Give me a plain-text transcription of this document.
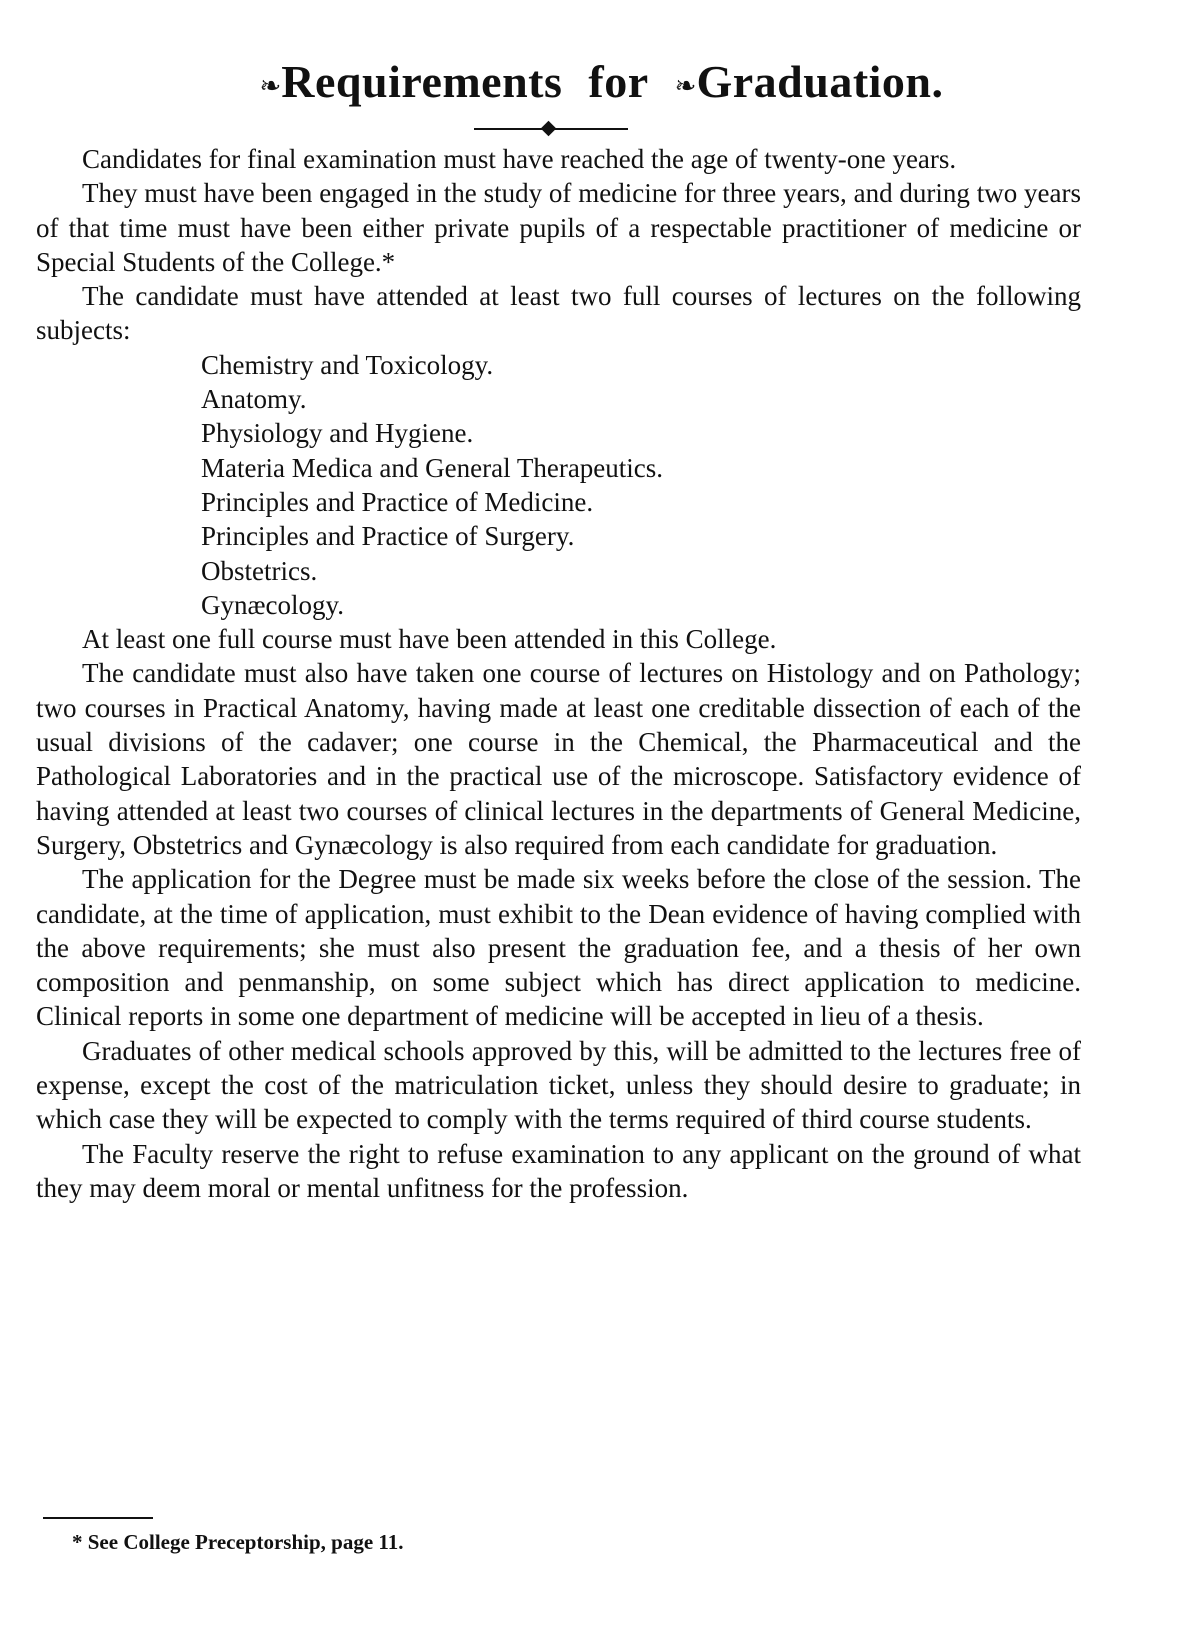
❧Requirements for ❧Graduation.

Candidates for final examination must have reached the age of twenty-one years.

They must have been engaged in the study of medicine for three years, and during two years of that time must have been either private pupils of a respectable practitioner of medicine or Special Students of the College.*

The candidate must have attended at least two full courses of lectures on the following subjects:

Chemistry and Toxicology.
Anatomy.
Physiology and Hygiene.
Materia Medica and General Therapeutics.
Principles and Practice of Medicine.
Principles and Practice of Surgery.
Obstetrics.
Gynæcology.

At least one full course must have been attended in this College.

The candidate must also have taken one course of lectures on Histology and on Pathology; two courses in Practical Anatomy, having made at least one creditable dissection of each of the usual divisions of the cadaver; one course in the Chemical, the Pharmaceutical and the Pathological Laboratories and in the practical use of the microscope. Satisfactory evidence of having attended at least two courses of clinical lectures in the departments of General Medicine, Surgery, Obstetrics and Gynæcology is also required from each candidate for graduation.

The application for the Degree must be made six weeks before the close of the session. The candidate, at the time of application, must exhibit to the Dean evidence of having complied with the above requirements; she must also present the graduation fee, and a thesis of her own composition and penmanship, on some subject which has direct application to medicine. Clinical reports in some one department of medicine will be accepted in lieu of a thesis.

Graduates of other medical schools approved by this, will be admitted to the lectures free of expense, except the cost of the matriculation ticket, unless they should desire to graduate; in which case they will be expected to comply with the terms required of third course students.

The Faculty reserve the right to refuse examination to any applicant on the ground of what they may deem moral or mental unfitness for the profession.

* See College Preceptorship, page 11.
